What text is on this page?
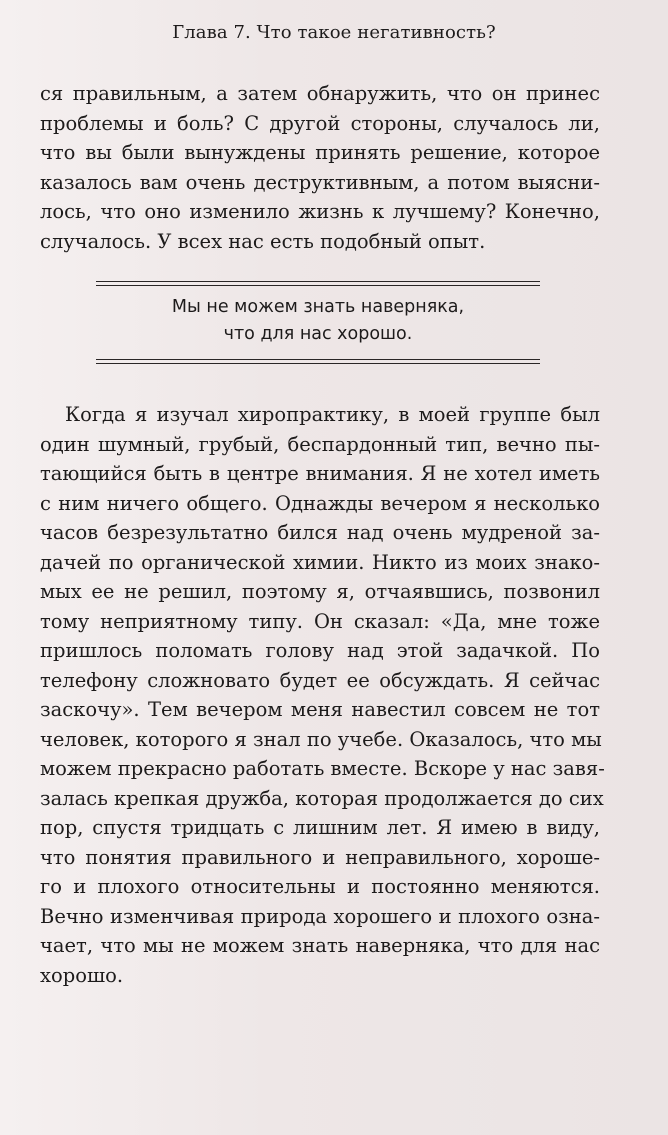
Глава 7. Что такое негативность?
ся правильным, а затем обнаружить, что он принес
проблемы и боль? С другой стороны, случалось ли,
что вы были вынуждены принять решение, которое
казалось вам очень деструктивным, а потом выясни-
лось, что оно изменило жизнь к лучшему? Конечно,
случалось. У всех нас есть подобный опыт.
Мы не можем знать наверняка,
что для нас хорошо.
Когда я изучал хиропрактику, в моей группе был
один шумный, грубый, беспардонный тип, вечно пы-
тающийся быть в центре внимания. Я не хотел иметь
с ним ничего общего. Однажды вечером я несколько
часов безрезультатно бился над очень мудреной за-
дачей по органической химии. Никто из моих знако-
мых ее не решил, поэтому я, отчаявшись, позвонил
тому неприятному типу. Он сказал: «Да, мне тоже
пришлось поломать голову над этой задачкой. По
телефону сложновато будет ее обсуждать. Я сейчас
заскочу». Тем вечером меня навестил совсем не тот
человек, которого я знал по учебе. Оказалось, что мы
можем прекрасно работать вместе. Вскоре у нас завя-
залась крепкая дружба, которая продолжается до сих
пор, спустя тридцать с лишним лет. Я имею в виду,
что понятия правильного и неправильного, хороше-
го и плохого относительны и постоянно меняются.
Вечно изменчивая природа хорошего и плохого озна-
чает, что мы не можем знать наверняка, что для нас
хорошо.
